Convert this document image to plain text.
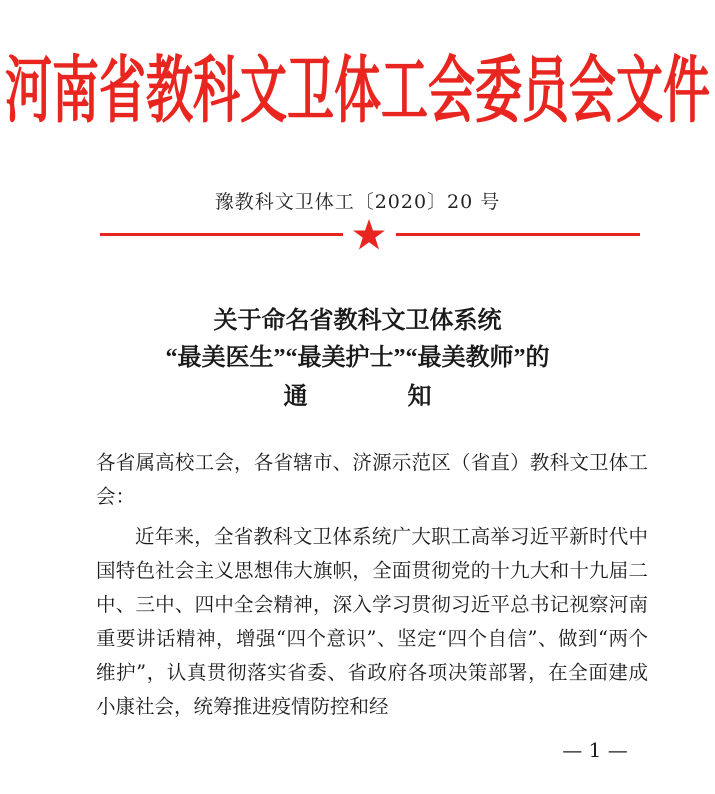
河南省教科文卫体工会委员会文件
豫教科文卫体工〔2020〕20 号
关于命名省教科文卫体系统
“最美医生”“最美护士”“最美教师”的
通	知

各省属高校工会，各省辖市、济源示范区（省直）教科文卫体工会：

近年来，全省教科文卫体系统广大职工高举习近平新时代中国特色社会主义思想伟大旗帜，全面贯彻党的十九大和十九届二中、三中、四中全会精神，深入学习贯彻习近平总书记视察河南重要讲话精神，增强“四个意识”、坚定“四个自信”、做到“两个维护”，认真贯彻落实省委、省政府各项决策部署，在全面建成小康社会，统筹推进疫情防控和经

— 1 —
